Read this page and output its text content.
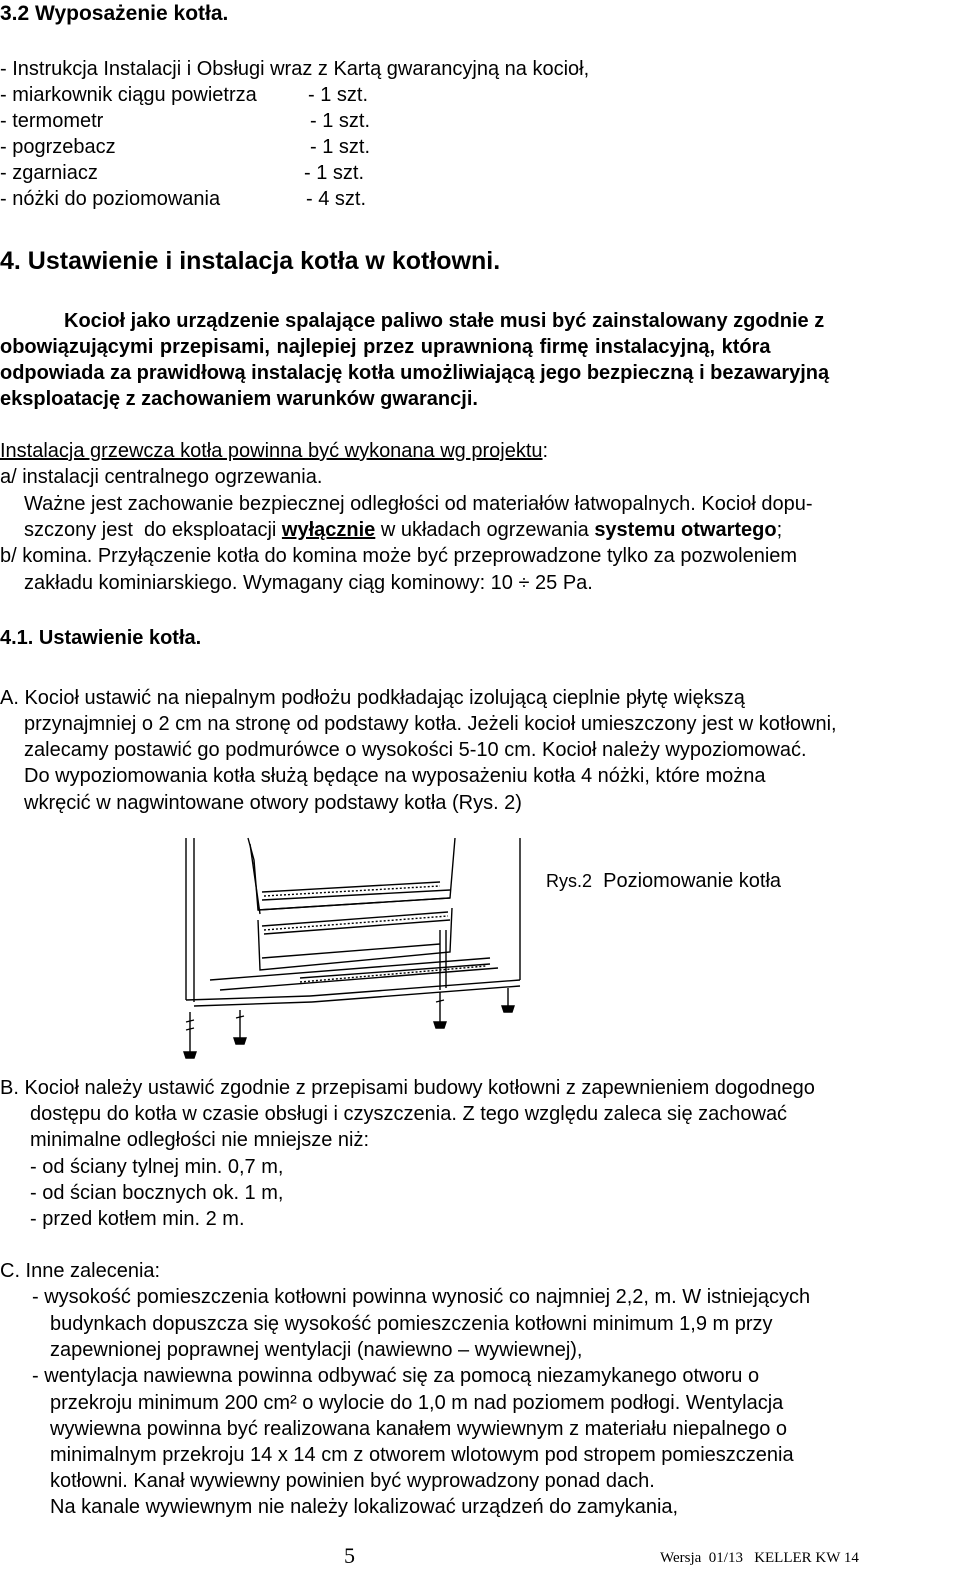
3.2 Wyposażenie kotła.
- Instrukcja Instalacji i Obsługi wraz z Kartą gwarancyjną na kocioł,
- miarkownik ciągu powietrza	- 1 szt.
- termometr	- 1 szt.
- pogrzebacz	- 1 szt.
- zgarniacz	- 1 szt.
- nóżki do poziomowania	- 4 szt.
4. Ustawienie i instalacja kotła w kotłowni.
Kocioł jako urządzenie spalające paliwo stałe musi być zainstalowany zgodnie z
obowiązującymi przepisami, najlepiej przez uprawnioną firmę instalacyjną, która
odpowiada za prawidłową instalację kotła umożliwiającą jego bezpieczną i bezawaryjną
eksploatację z zachowaniem warunków gwarancji.
Instalacja grzewcza kotła powinna być wykonana wg projektu:
a/ instalacji centralnego ogrzewania.
Ważne jest zachowanie bezpiecznej odległości od materiałów łatwopalnych. Kocioł dopu-
szczony jest  do eksploatacji wyłącznie w układach ogrzewania systemu otwartego;
b/ komina. Przyłączenie kotła do komina może być przeprowadzone tylko za pozwoleniem
zakładu kominiarskiego. Wymagany ciąg kominowy: 10 ÷ 25 Pa.
4.1. Ustawienie kotła.
A. Kocioł ustawić na niepalnym podłożu podkładając izolującą cieplnie płytę większą
przynajmniej o 2 cm na stronę od podstawy kotła. Jeżeli kocioł umieszczony jest w kotłowni,
zalecamy postawić go podmurówce o wysokości 5-10 cm. Kocioł należy wypoziomować.
Do wypoziomowania kotła służą będące na wyposażeniu kotła 4 nóżki, które można
wkręcić w nagwintowane otwory podstawy kotła (Rys. 2)
Rys.2 Poziomowanie kotła
B. Kocioł należy ustawić zgodnie z przepisami budowy kotłowni z zapewnieniem dogodnego
dostępu do kotła w czasie obsługi i czyszczenia. Z tego względu zaleca się zachować
minimalne odległości nie mniejsze niż:
- od ściany tylnej min. 0,7 m,
- od ścian bocznych ok. 1 m,
- przed kotłem min. 2 m.
C. Inne zalecenia:
- wysokość pomieszczenia kotłowni powinna wynosić co najmniej 2,2, m. W istniejących
budynkach dopuszcza się wysokość pomieszczenia kotłowni minimum 1,9 m przy
zapewnionej poprawnej wentylacji (nawiewno – wywiewnej),
- wentylacja nawiewna powinna odbywać się za pomocą niezamykanego otworu o
przekroju minimum 200 cm² o wylocie do 1,0 m nad poziomem podłogi. Wentylacja
wywiewna powinna być realizowana kanałem wywiewnym z materiału niepalnego o
minimalnym przekroju 14 x 14 cm z otworem wlotowym pod stropem pomieszczenia
kotłowni. Kanał wywiewny powinien być wyprowadzony ponad dach.
Na kanale wywiewnym nie należy lokalizować urządzeń do zamykania,
5	Wersja  01/13   KELLER KW 14
